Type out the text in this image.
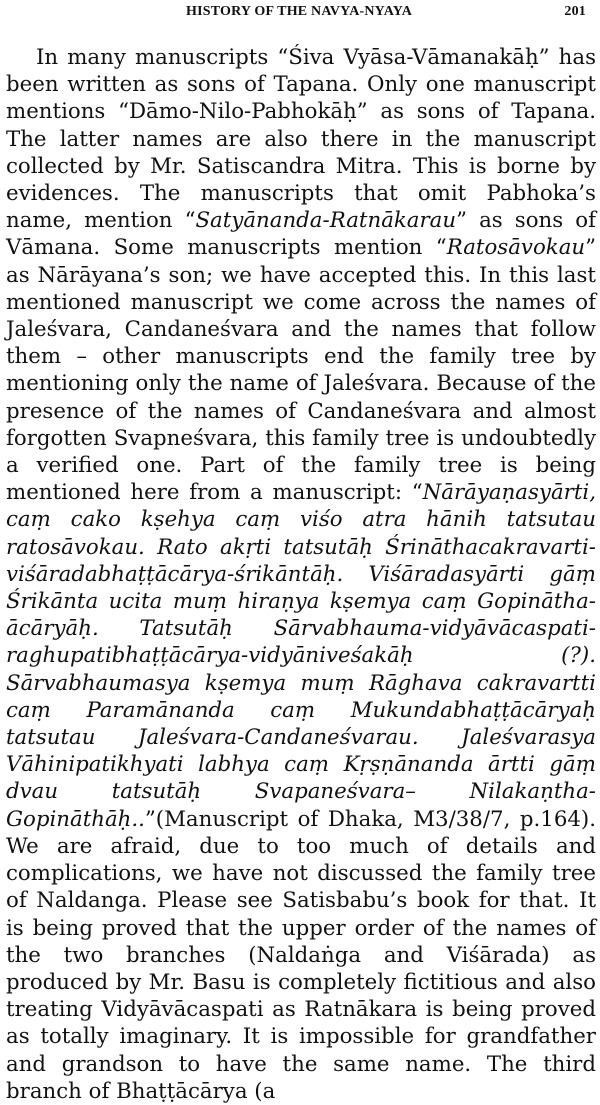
HISTORY OF THE NAVYA-NYAYA	201

In many manuscripts “Śiva Vyāsa-Vāmanakāḥ” has been written as sons of Tapana. Only one manuscript mentions “Dāmo-Nilo-Pabhokāḥ” as sons of Tapana. The latter names are also there in the manuscript collected by Mr. Satiscandra Mitra. This is borne by evidences. The manuscripts that omit Pabhoka’s name, mention “Satyānanda-Ratnākarau” as sons of Vāmana. Some manuscripts mention “Ratosāvokau” as Nārāyana’s son; we have accepted this. In this last mentioned manuscript we come across the names of Jaleśvara, Candaneśvara and the names that follow them – other manuscripts end the family tree by mentioning only the name of Jaleśvara. Because of the presence of the names of Candaneśvara and almost forgotten Svapneśvara, this family tree is undoubtedly a verified one. Part of the family tree is being mentioned here from a manuscript: “Nārāyaṇasyārti, caṃ cako kṣehya caṃ viśo atra hānih tatsutau ratosāvokau. Rato akṛti tatsutāḥ Śrināthacakravarti-viśāradabhaṭṭācārya-śrikāntāḥ. Viśāradasyārti gāṃ Śrikānta ucita muṃ hiraṇya kṣemya caṃ Gopinātha-ācāryāḥ. Tatsutāḥ Sārvabhauma-vidyāvācaspati-raghupatibhaṭṭācārya-vidyāniveśakāḥ (?). Sārvabhaumasya kṣemya muṃ Rāghava cakravartti caṃ Paramānanda caṃ Mukundabhaṭṭācāryaḥ tatsutau Jaleśvara-Candaneśvarau. Jaleśvarasya Vāhinipatikhyati labhya caṃ Kṛṣṇānanda ārtti gāṃ dvau tatsutāḥ Svapaneśvara– Nilakaṇtha-Gopināthāḥ..”(Manuscript of Dhaka, M3/38/7, p.164). We are afraid, due to too much of details and complications, we have not discussed the family tree of Naldanga. Please see Satisbabu’s book for that. It is being proved that the upper order of the names of the two branches (Naldaṅga and Viśārada) as produced by Mr. Basu is completely fictitious and also treating Vidyāvācaspati as Ratnākara is being proved as totally imaginary. It is impossible for grandfather and grandson to have the same name. The third branch of Bhaṭṭācārya (a
